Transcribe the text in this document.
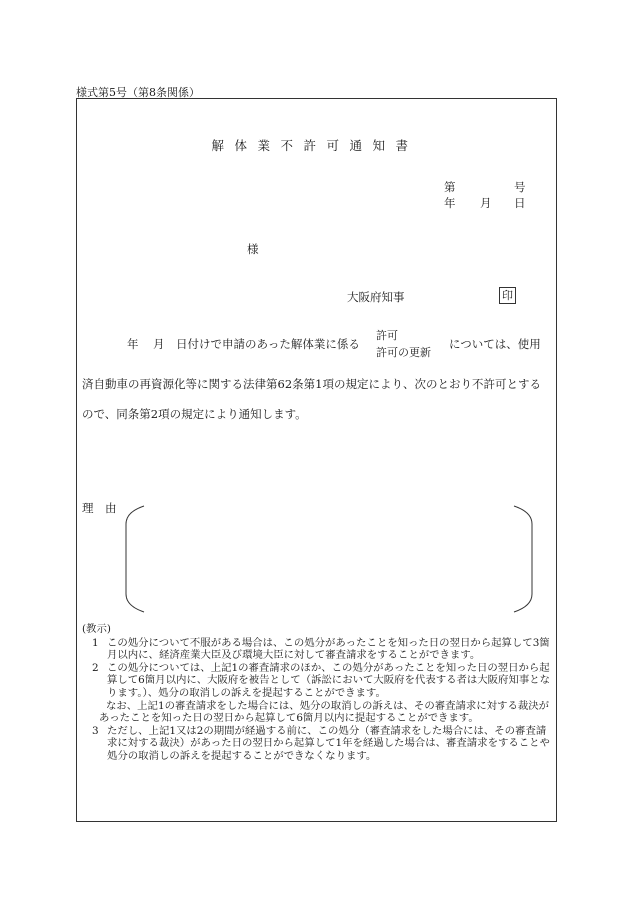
様式第5号（第8条関係）
解体業不許可通知書
第	号
年 月 日
様
大阪府知事	印
年 月 日付けで申請のあった解体業に係る
許可
許可の更新
については、使用
済自動車の再資源化等に関する法律第62条第1項の規定により、次のとおり不許可とする
ので、同条第2項の規定により通知します。
理　由
(教示)
1 この処分について不服がある場合は、この処分があったことを知った日の翌日から起算して3箇月以内に、経済産業大臣及び環境大臣に対して審査請求をすることができます。
2 この処分については、上記1の審査請求のほか、この処分があったことを知った日の翌日から起算して6箇月以内に、大阪府を被告として（訴訟において大阪府を代表する者は大阪府知事となります。）、処分の取消しの訴えを提起することができます。
なお、上記1の審査請求をした場合には、処分の取消しの訴えは、その審査請求に対する裁決があったことを知った日の翌日から起算して6箇月以内に提起することができます。
3 ただし、上記1又は2の期間が経過する前に、この処分（審査請求をした場合には、その審査請求に対する裁決）があった日の翌日から起算して1年を経過した場合は、審査請求をすることや処分の取消しの訴えを提起することができなくなります。
